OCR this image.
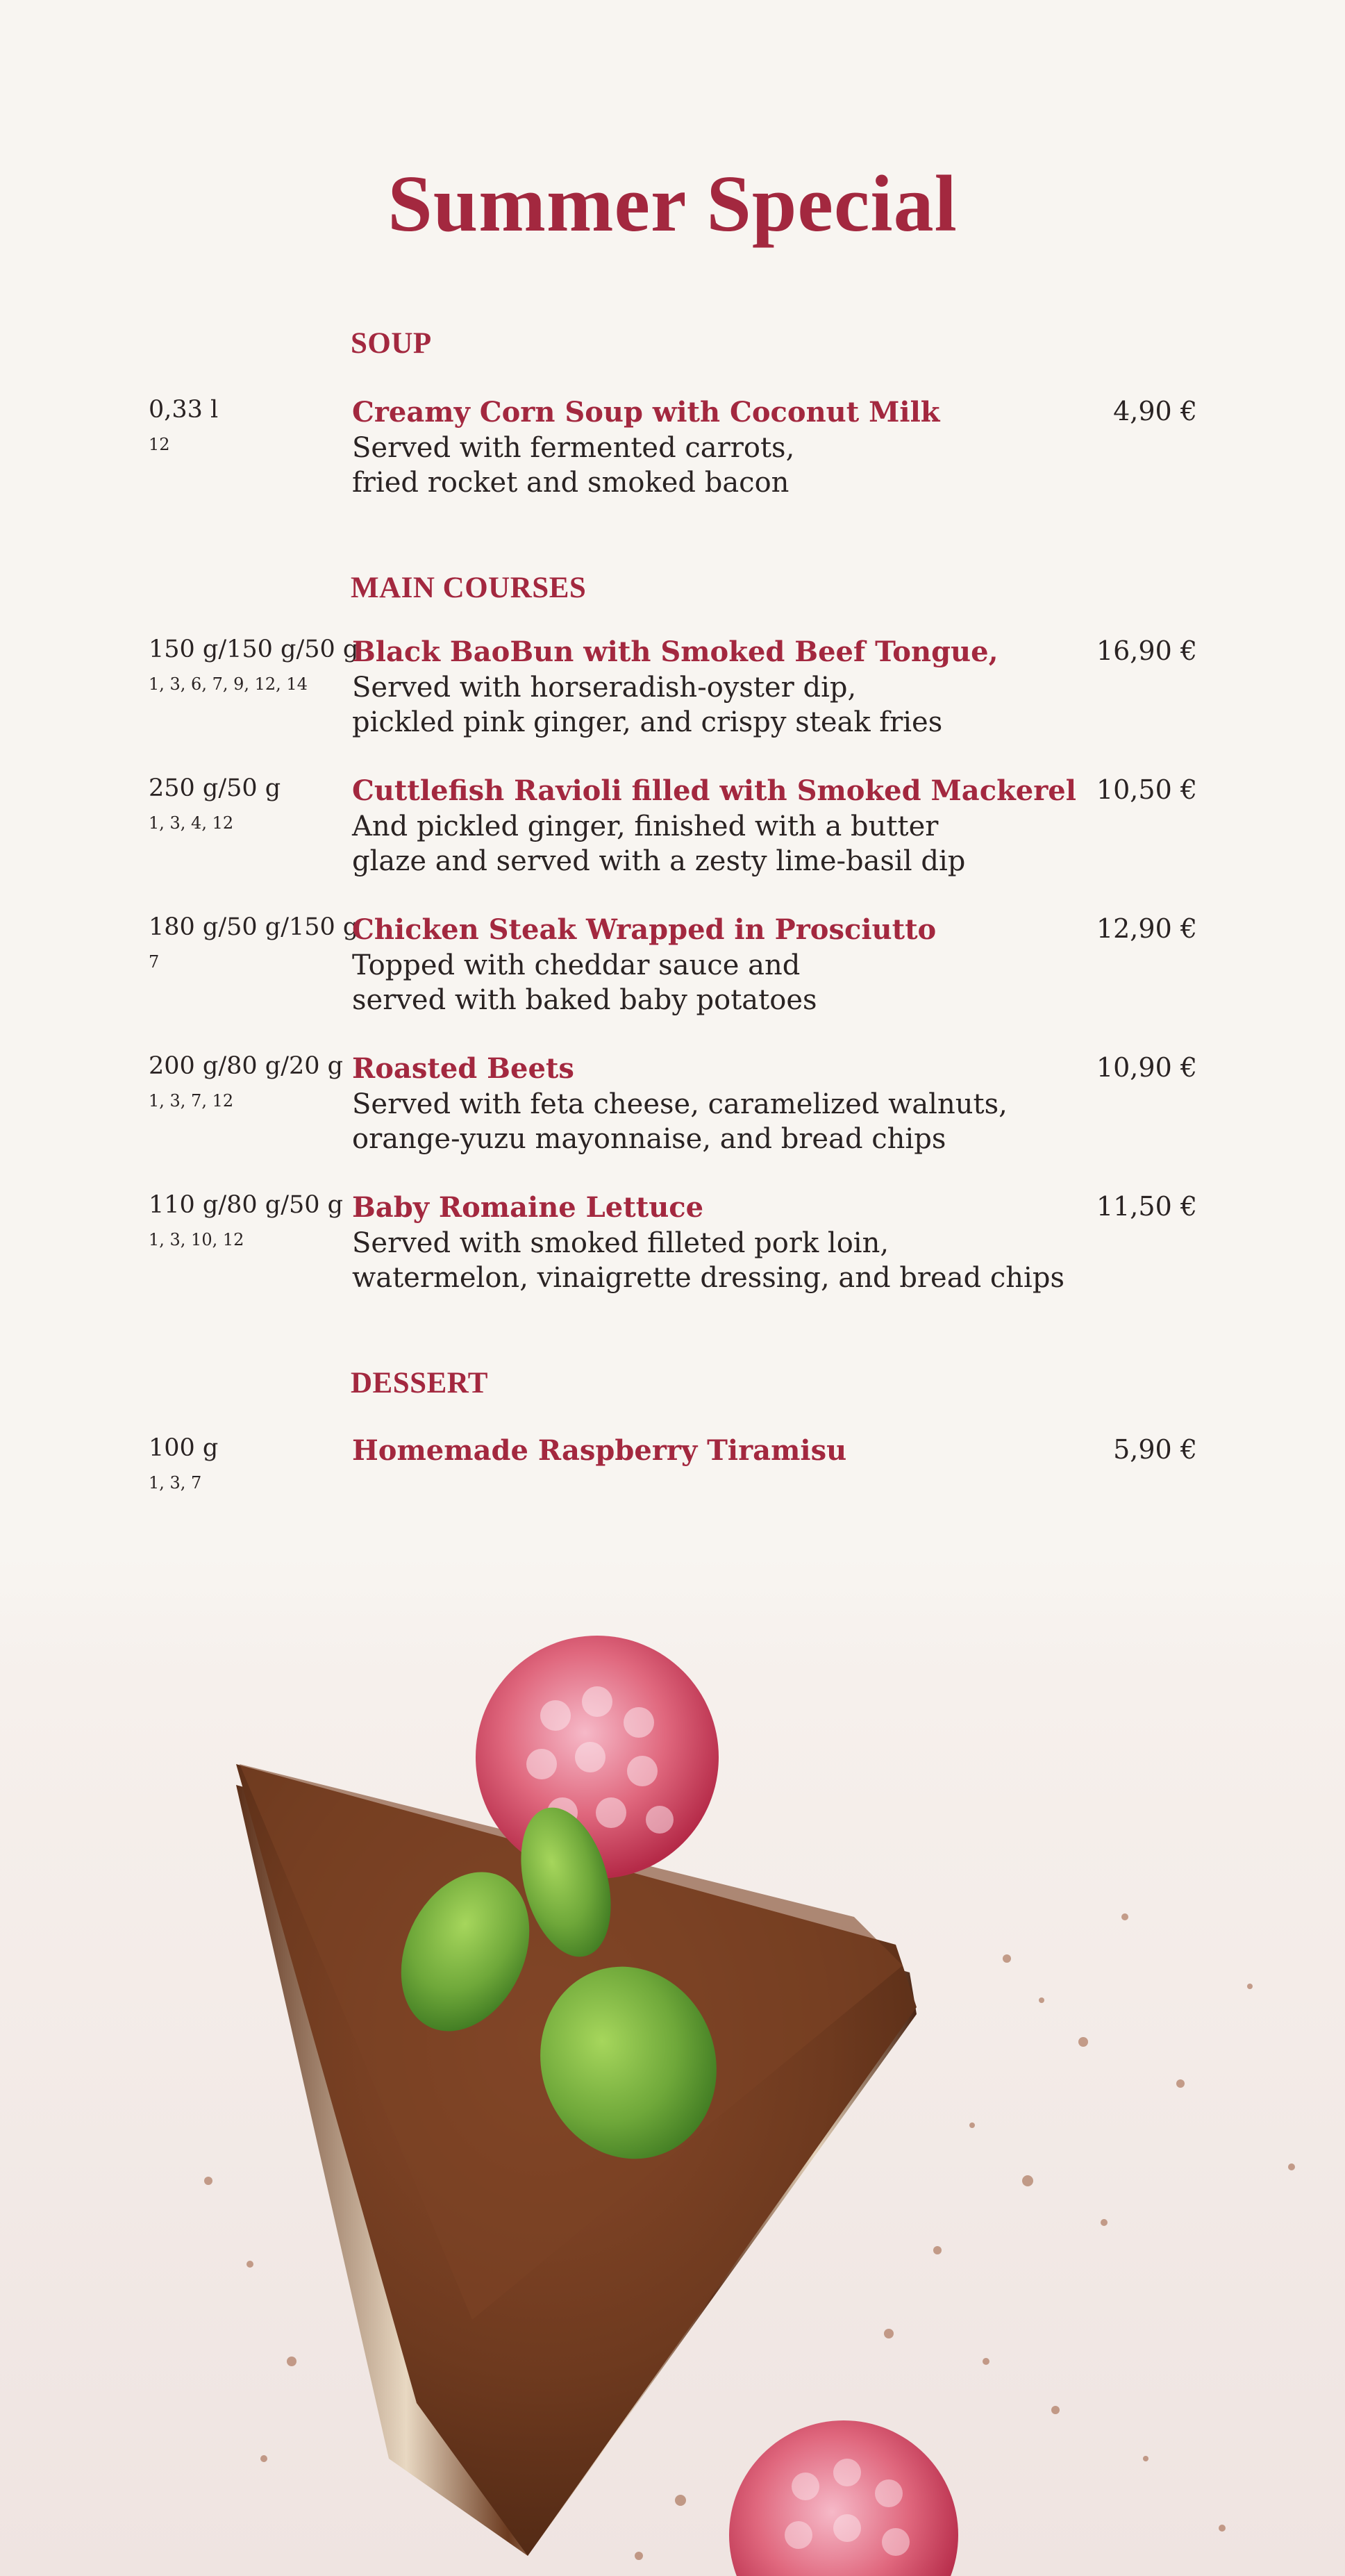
Summer Special
SOUP
0,33 l
12
Creamy Corn Soup with Coconut Milk
Served with fermented carrots,
fried rocket and smoked bacon
4,90 €
MAIN COURSES
150 g/150 g/50 g
1, 3, 6, 7, 9, 12, 14
Black BaoBun with Smoked Beef Tongue,
Served with horseradish-oyster dip,
pickled pink ginger, and crispy steak fries
16,90 €
250 g/50 g
1, 3, 4, 12
Cuttlefish Ravioli filled with Smoked Mackerel
And pickled ginger, finished with a butter
glaze and served with a zesty lime-basil dip
10,50 €
180 g/50 g/150 g
7
Chicken Steak Wrapped in Prosciutto
Topped with cheddar sauce and
served with baked baby potatoes
12,90 €
200 g/80 g/20 g
1, 3, 7, 12
Roasted Beets
Served with feta cheese, caramelized walnuts,
orange-yuzu mayonnaise, and bread chips
10,90 €
110 g/80 g/50 g
1, 3, 10, 12
Baby Romaine Lettuce
Served with smoked filleted pork loin,
watermelon, vinaigrette dressing, and bread chips
11,50 €
DESSERT
100 g
1, 3, 7
Homemade Raspberry Tiramisu	5,90 €
